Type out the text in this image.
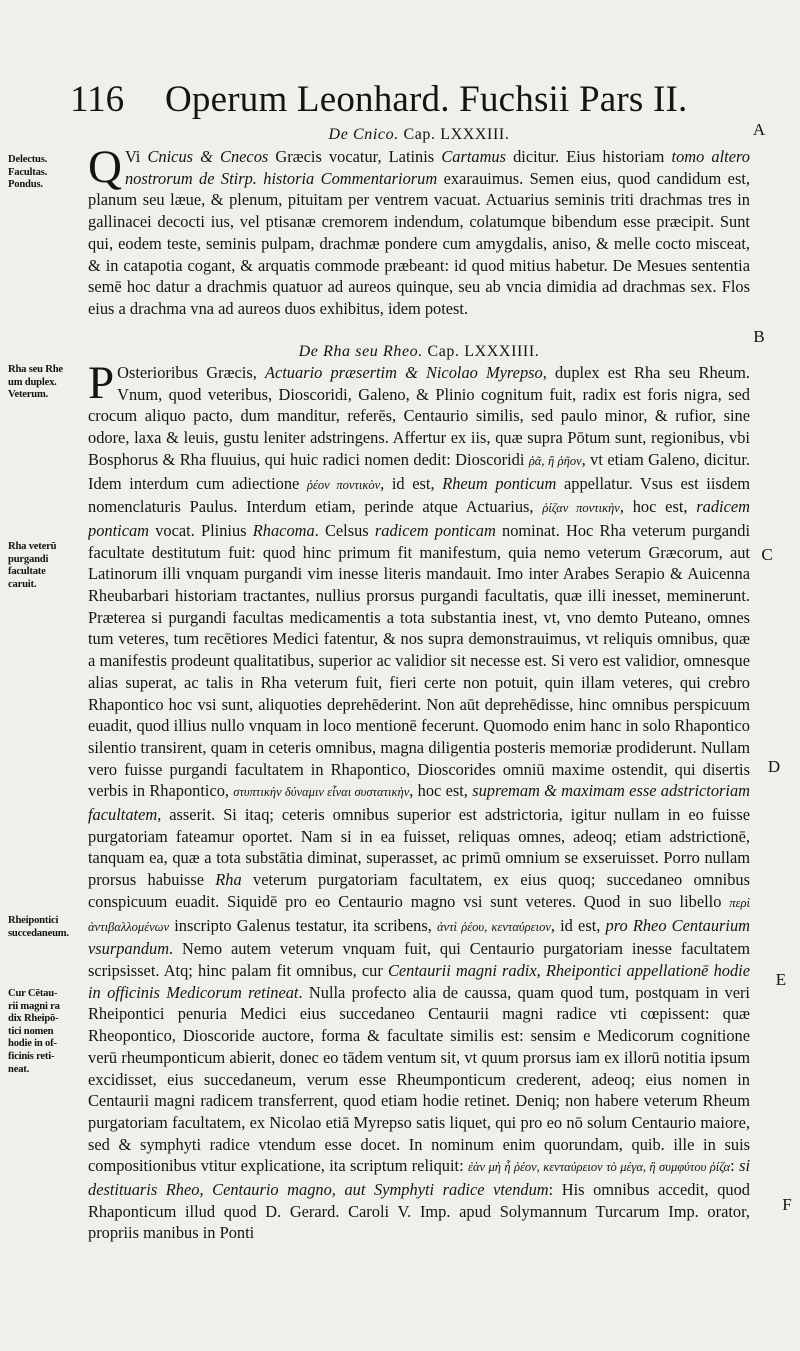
116 Operum Leonhard. Fuchsii Pars II.
A
B
C
D
E
F
De Cnico. Cap. LXXXIII.
Delectus.
Facultas.
Pondus. Q Vi Cnicus & Cnecos Græcis vocatur, Latinis Cartamus dicitur. Eius historiam tomo altero nostrorum de Stirp. historia Commentariorum exarauimus. Semen eius, quod candidum est, planum seu læue, & plenum, pituitam per ventrem vacuat. Actuarius seminis triti drachmas tres in gallinacei decocti ius, vel ptisanæ cremorem indendum, colatumque bibendum esse præcipit. Sunt qui, eodem teste, seminis pulpam, drachmæ pondere cum amygdalis, aniso, & melle cocto misceat, & in catapotia cogant, & arquatis commode præbeant: id quod mitius habetur. De Mesues sententia semē hoc datur a drachmis quatuor ad aureos quinque, seu ab vncia dimidia ad drachmas sex. Flos eius a drachma vna ad aureos duos exhibitus, idem potest.

De Rha seu Rheo. Cap. LXXXIIII.
Rha seu Rhe
um duplex.
Veterum.
Rha veterū
purgandi
facultate
caruit.
Rheipontici succedaneum.
Cur Cētau-
rii magni ra
dix Rheipō-
tici nomen
hodie in of-
ficinis reti-
neat.

P Osterioribus Græcis, Actuario præsertim & Nicolao Myrepso, duplex est Rha seu Rheum. Vnum, quod veteribus, Dioscoridi, Galeno, & Plinio cognitum fuit, radix est foris nigra, sed crocum aliquo pacto, dum manditur, referēs, Centaurio similis, sed paulo minor, & rufior, sine odore, laxa & leuis, gustu leniter adstringens. Affertur ex iis, quæ supra Pōtum sunt, regionibus, vbi Bosphorus & Rha fluuius, qui huic radici nomen dedit: Dioscoridi ῥᾶ, ἢ ῥῆον, vt etiam Galeno, dicitur. Idem interdum cum adiectione ῥέον ποντικὸν, id est, Rheum ponticum appellatur. Vsus est iisdem nomenclaturis Paulus. Interdum etiam, perinde atque Actuarius, ῥίζαν ποντικὴν, hoc est, radicem ponticam vocat. Plinius Rhacoma. Celsus radicem ponticam nominat. Hoc Rha veterum purgandi facultate destitutum fuit: quod hinc primum fit manifestum, quia nemo veterum Græcorum, aut Latinorum illi vnquam purgandi vim inesse literis mandauit. Imo inter Arabes Serapio & Auicenna Rheubarbari historiam tractantes, nullius prorsus purgandi facultatis, quæ illi inesset, meminerunt. Præterea si purgandi facultas medicamentis a tota substantia inest, vt, vno demto Puteano, omnes tum veteres, tum recētiores Medici fatentur, & nos supra demonstrauimus, vt reliquis omnibus, quæ a manifestis prodeunt qualitatibus, superior ac validior sit necesse est. Si vero est validior, omnesque alias superat, ac talis in Rha veterum fuit, fieri certe non potuit, quin illam veteres, qui crebro Rhapontico hoc vsi sunt, aliquoties deprehēderint. Non aūt deprehēdisse, hinc omnibus perspicuum euadit, quod illius nullo vnquam in loco mentionē fecerunt. Quomodo enim hanc in solo Rhapontico silentio transirent, quam in ceteris omnibus, magna diligentia posteris memoriæ prodiderunt. Nullam vero fuisse purgandi facultatem in Rhapontico, Dioscorides omniū maxime ostendit, qui disertis verbis in Rhapontico, στυπτικὴν δύναμιν εἶναι συστατικὴν, hoc est, supremam & maximam esse adstrictoriam facultatem, asserit. Si itaq; ceteris omnibus superior est adstrictoria, igitur nullam in eo fuisse purgatoriam fateamur oportet. Nam si in ea fuisset, reliquas omnes, adeoq; etiam adstrictionē, tanquam ea, quæ a tota substātia diminat, superasset, ac primū omnium se exseruisset. Porro nullam prorsus habuisse Rha veterum purgatoriam facultatem, ex eius quoq; succedaneo omnibus conspicuum euadit. Siquidē pro eo Centaurio magno vsi sunt veteres. Quod in suo libello περὶ ἀντιβαλλομένων inscripto Galenus testatur, ita scribens, ἀντὶ ῥέου, κενταύρειον, id est, pro Rheo Centaurium vsurpandum. Nemo autem veterum vnquam fuit, qui Centaurio purgatoriam inesse facultatem scripsisset. Atq; hinc palam fit omnibus, cur Centaurii magni radix, Rheipontici appellationē hodie in officinis Medicorum retineat. Nulla profecto alia de caussa, quam quod tum, postquam in veri Rheipontici penuria Medici eius succedaneo Centaurii magni radice vti cœpissent: quæ Rheopontico, Dioscoride auctore, forma & facultate similis est: sensim e Medicorum cognitione verū rheumponticum abierit, donec eo tādem ventum sit, vt quum prorsus iam ex illorū notitia ipsum excidisset, eius succedaneum, verum esse Rheumponticum crederent, adeoq; eius nomen in Centaurii magni radicem transferrent, quod etiam hodie retinet. Deniq; non habere veterum Rheum purgatoriam facultatem, ex Nicolao etiā Myrepso satis liquet, qui pro eo nō solum Centaurio maiore, sed & symphyti radice vtendum esse docet. In nominum enim quorundam, quib. ille in suis compositionibus vtitur explicatione, ita scriptum reliquit: ἐὰν μὴ ἦ ῥέον, κενταύρειον τὸ μέγα, ἢ συμφύτου ῥίζα: si destituaris Rheo, Centaurio magno, aut Symphyti radice vtendum: His omnibus accedit, quod Rhaponticum illud quod D. Gerard. Caroli V. Imp. apud Solymannum Turcarum Imp. orator, propriis manibus in Ponti
